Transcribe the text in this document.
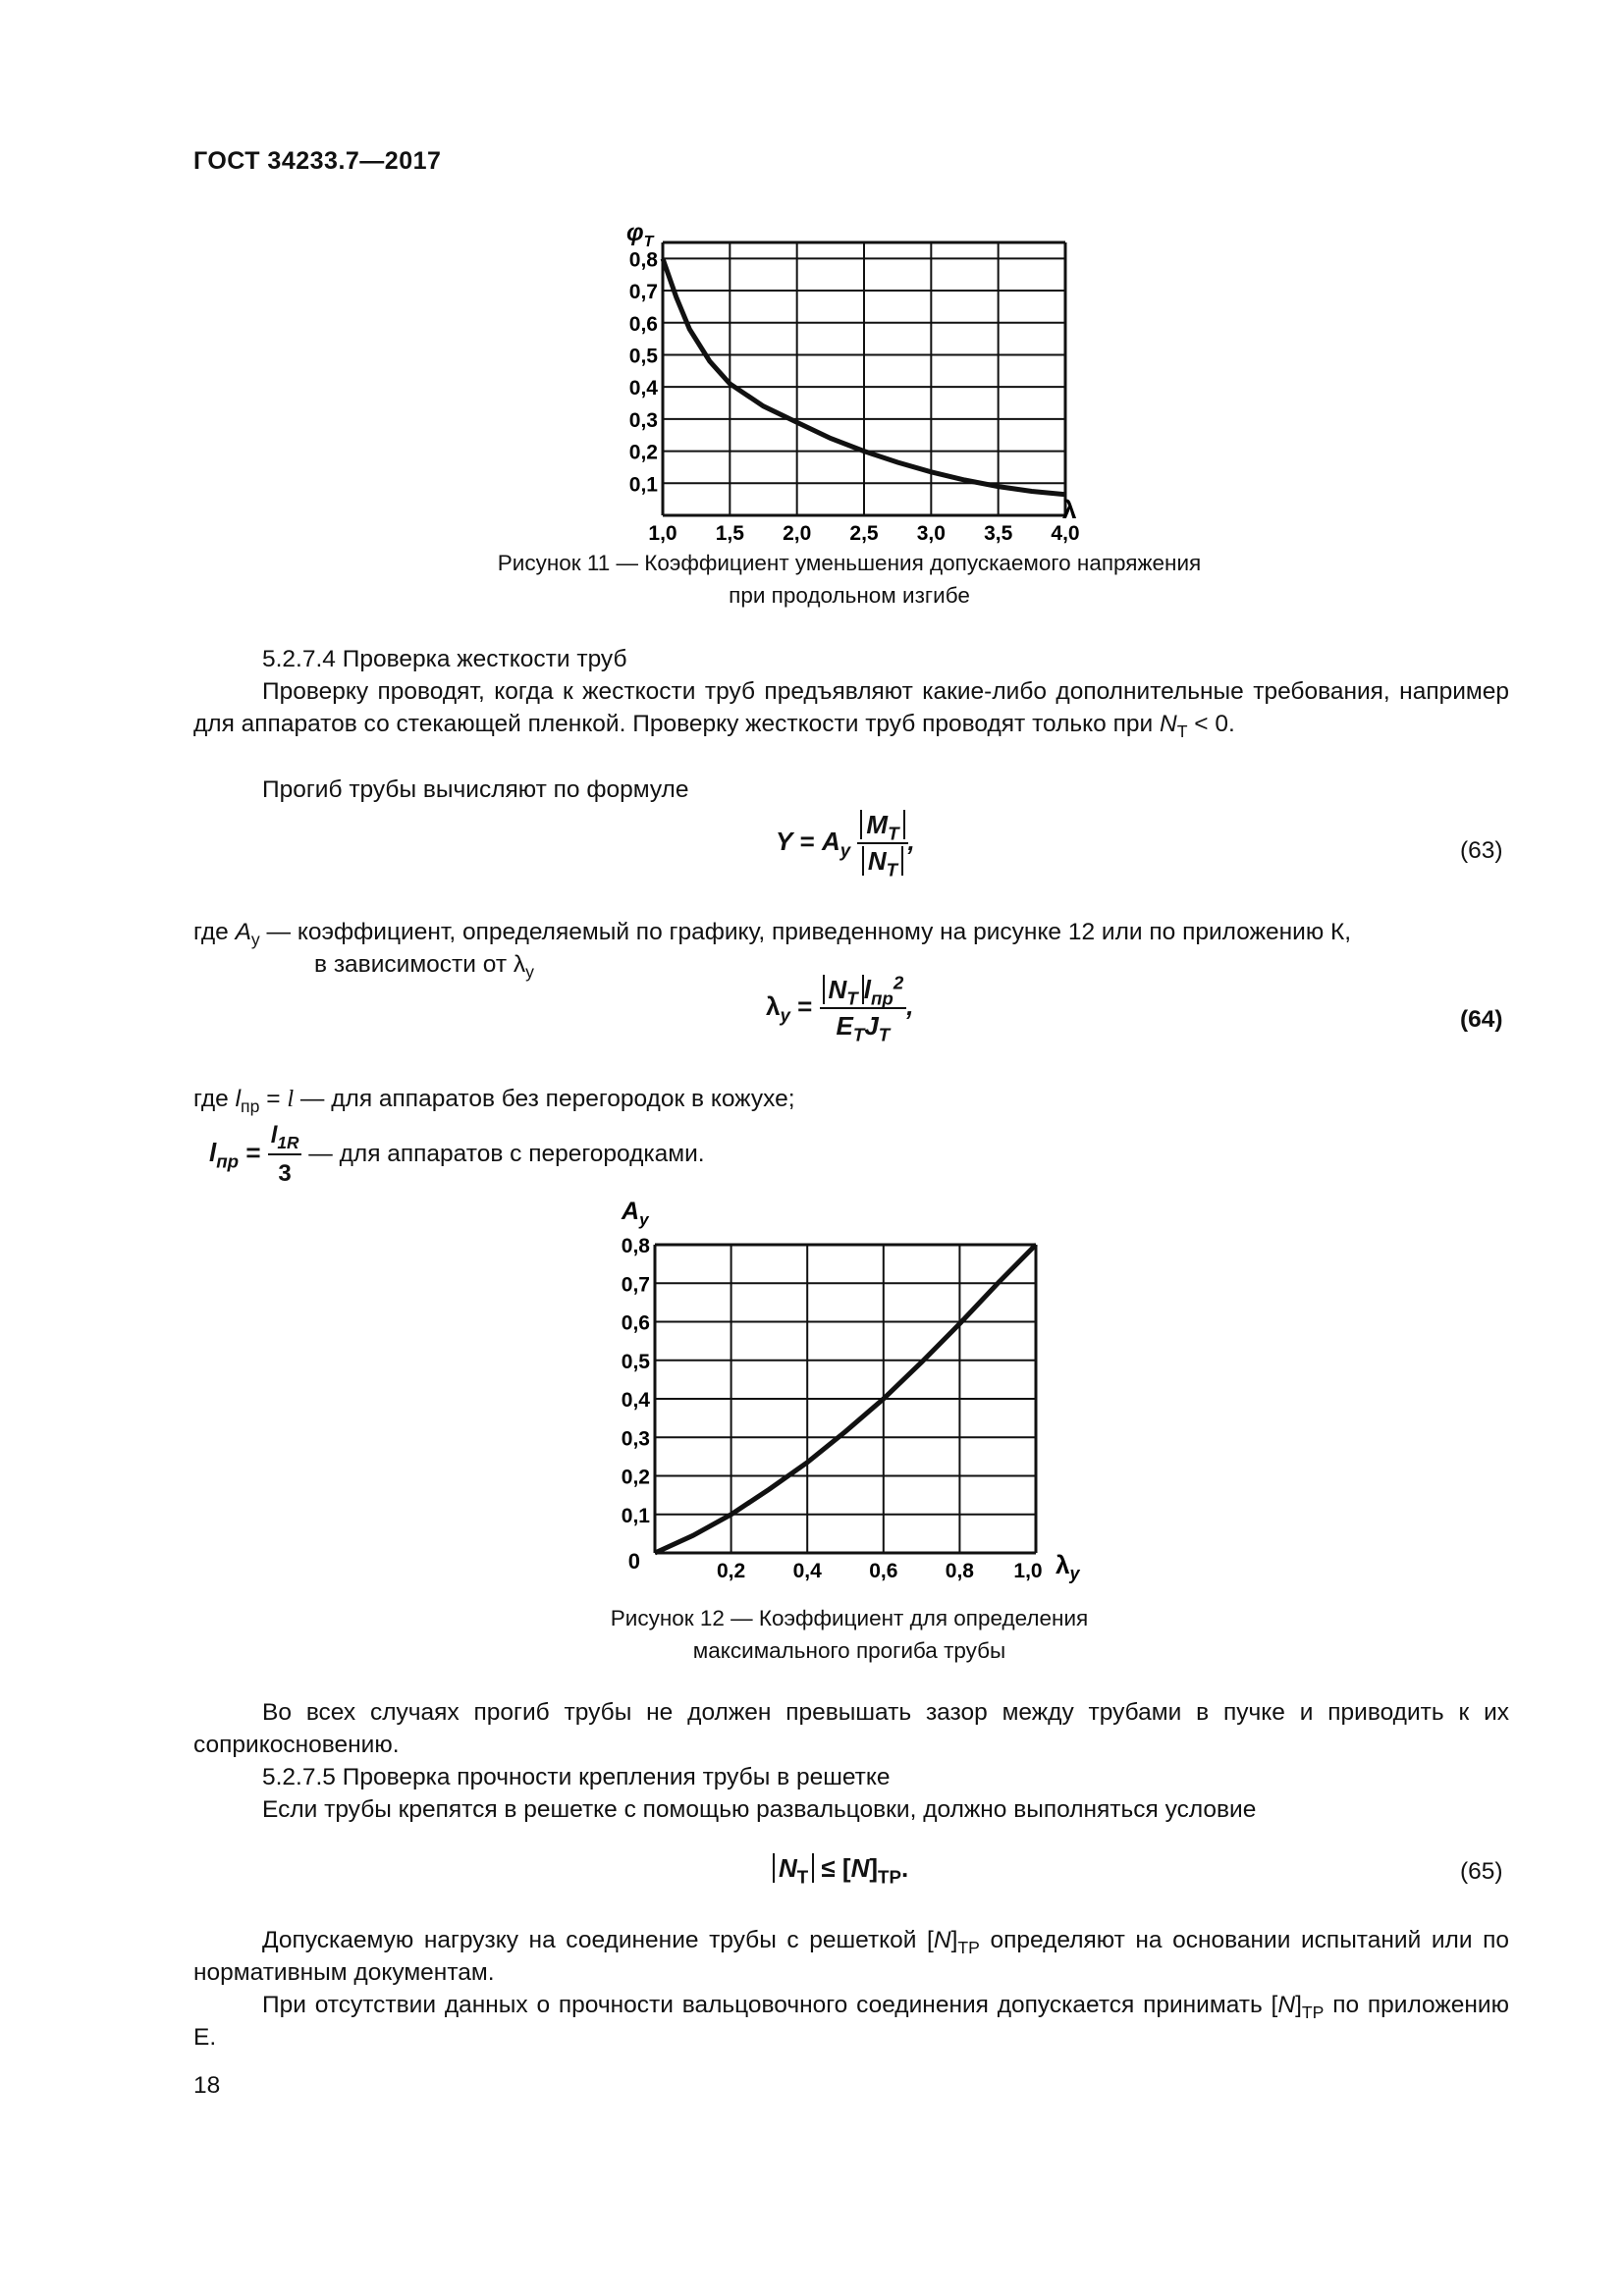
ГОСТ 34233.7—2017
1,0 1,5 2,0 2,5 3,0 3,5 4,0
0,8
0,7
0,6
0,5
0,4
0,3
0,2
0,1
$\varphi_T$
λ
Рисунок 11 — Коэффициент уменьшения допускаемого напряжения
при продольном изгибе
5.2.7.4 Проверка жесткости труб
Проверку проводят, когда к жесткости труб предъявляют какие-либо дополнительные требования, например для аппаратов со стекающей пленкой. Проверку жесткости труб проводят только при $N_T < 0$.
Прогиб трубы вычисляют по формуле
$Y = A_y \frac{M_T}{N_T}$ ,	(63)
где $A_y$ — коэффициент, определяемый по графику, приведенному на рисунке 12 или по приложению К,
в зависимости от $\lambda_y$
$\lambda_y = \frac{N_T l_{пр}^2}{E_TJ_T}$ ,	(64)
где $l_{пр} = l$ — для аппаратов без перегородок в кожухе;
$l_{пр} = \frac{l_{1R}}{3}$ — для аппаратов с перегородками.
0,2 0,4 0,6 0,8 1,0
0,8
0,7
0,6
0,5
0,4
0,3
0,2
0,1
$A_y$
$\lambda_y$
0
Рисунок 12 — Коэффициент для определения
максимального прогиба трубы
Во всех случаях прогиб трубы не должен превышать зазор между трубами в пучке и приводить к их соприкосновению.
5.2.7.5 Проверка прочности крепления трубы в решетке
Если трубы крепятся в решетке с помощью развальцовки, должно выполняться условие
$N_T \le [N]_{TP}$.	(65)
Допускаемую нагрузку на соединение трубы с решеткой $[N]_{TP}$ определяют на основании испытаний или по нормативным документам.
При отсутствии данных о прочности вальцовочного соединения допускается принимать $[N]_{TP}$ по приложению Е.
18
